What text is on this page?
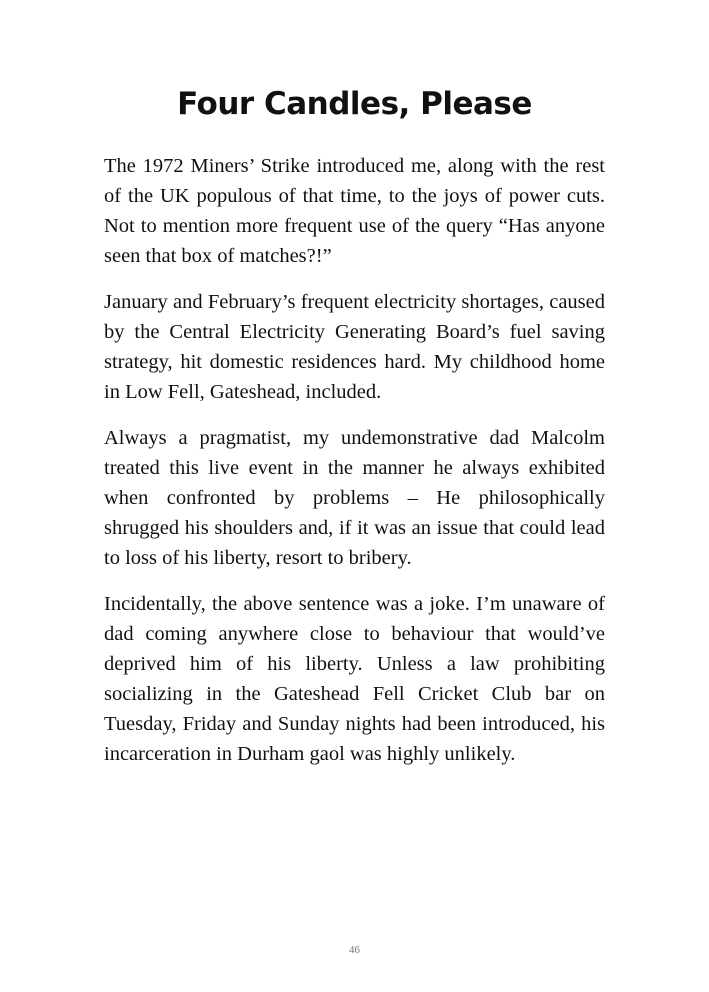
Four Candles, Please

The 1972 Miners’ Strike introduced me, along with the rest of the UK populous of that time, to the joys of power cuts. Not to mention more frequent use of the query “Has anyone seen that box of matches?!”

January and February’s frequent electricity shortages, caused by the Central Electricity Generating Board’s fuel saving strategy, hit domestic residences hard. My childhood home in Low Fell, Gateshead, included.

Always a pragmatist, my undemonstrative dad Malcolm treated this live event in the manner he always exhibited when confronted by problems – He philosophically shrugged his shoulders and, if it was an issue that could lead to loss of his liberty, resort to bribery.

Incidentally, the above sentence was a joke. I’m unaware of dad coming anywhere close to behaviour that would’ve deprived him of his liberty. Unless a law prohibiting socializing in the Gateshead Fell Cricket Club bar on Tuesday, Friday and Sunday nights had been introduced, his incarceration in Durham gaol was highly unlikely.

46
